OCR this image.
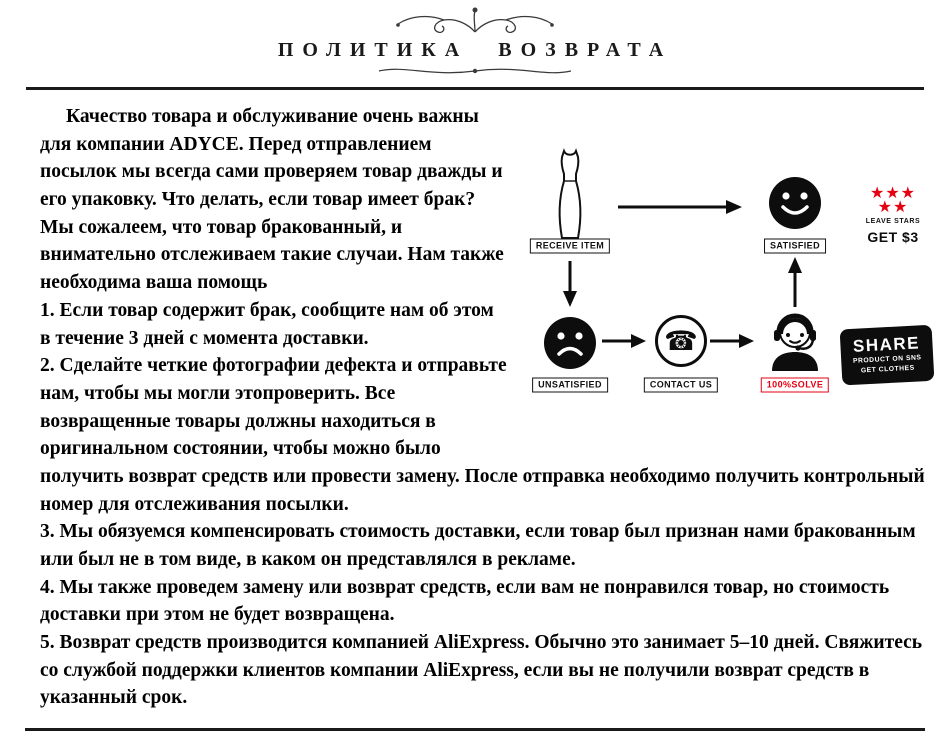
ПОЛИТИКА ВОЗВРАТА
RECEIVE ITEM	SATISFIED
★★★
★★
LEAVE STARS
GET $3
UNSATISFIED
☎
CONTACT US	100%SOLVE
SHARE
PRODUCT ON SNS
GET CLOTHES

Качество товара и обслуживание очень важны для компании ADYCE. Перед отправлением посылок мы всегда сами проверяем товар дважды и его упаковку. Что делать, если товар имеет брак? Мы сожалеем, что товар бракованный, и внимательно отслеживаем такие случаи. Нам также необходима ваша помощь

1. Если товар содержит брак, сообщите нам об этом в течение 3 дней с момента доставки.

2. Сделайте четкие фотографии дефекта и отправьте нам, чтобы мы могли этопроверить. Все возвращенные товары должны находиться в оригинальном состоянии, чтобы можно было получить возврат средств или провести замену. После отправка необходимо получить контрольный номер для отслеживания посылки.

3. Мы обязуемся компенсировать стоимость доставки, если товар был признан нами бракованным или был не в том виде, в каком он представлялся в рекламе.

4. Мы также проведем замену или возврат средств, если вам не понравился товар, но стоимость доставки при этом не будет возвращена.

5. Возврат средств производится компанией AliExpress. Обычно это занимает 5–10 дней. Свяжитесь со службой поддержки клиентов компании AliExpress, если вы не получили возврат средств в указанный срок.
